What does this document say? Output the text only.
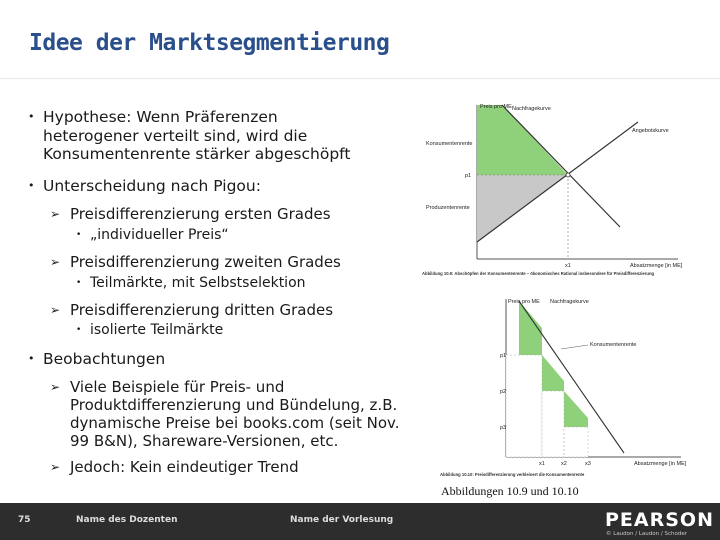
Idee der Marktsegmentierung
• Hypothese: Wenn Präferenzen
heterogener verteilt sind, wird die
Konsumentenrente stärker abgeschöpft
• Unterscheidung nach Pigou:
➢ Preisdifferenzierung ersten Grades
• „individueller Preis“
➢ Preisdifferenzierung zweiten Grades
• Teilmärkte, mit Selbstselektion
➢ Preisdifferenzierung dritten Grades
• isolierte Teilmärkte
• Beobachtungen
➢ Viele Beispiele für Preis- und
Produktdifferenzierung und Bündelung, z.B.
dynamische Preise bei books.com (seit Nov.
99 B&N), Shareware-Versionen, etc.
➢ Jedoch: Kein eindeutiger Trend
Preis pro ME Nachfragekurve
Angebotskurve
Konsumentenrente
Produzentenrente
p1
x1	Absatzmenge [in ME]
Abbildung 10.9: Abschöpfen der Konsumentenrente – ökonomisches Rational insbesondere für Preisdifferenzierung
Preis pro ME Nachfragekurve
Konsumentenrente
p1
p2
p3
x1	x2	x3	Absatzmenge [in ME]
Abbildung 10.10: Preisdifferenzierung verkleinert die Konsumentenrente
Abbildungen 10.9 und 10.10
75	Name des Dozenten	Name der Vorlesung	PEARSON
© Laudon / Laudon / Schoder
